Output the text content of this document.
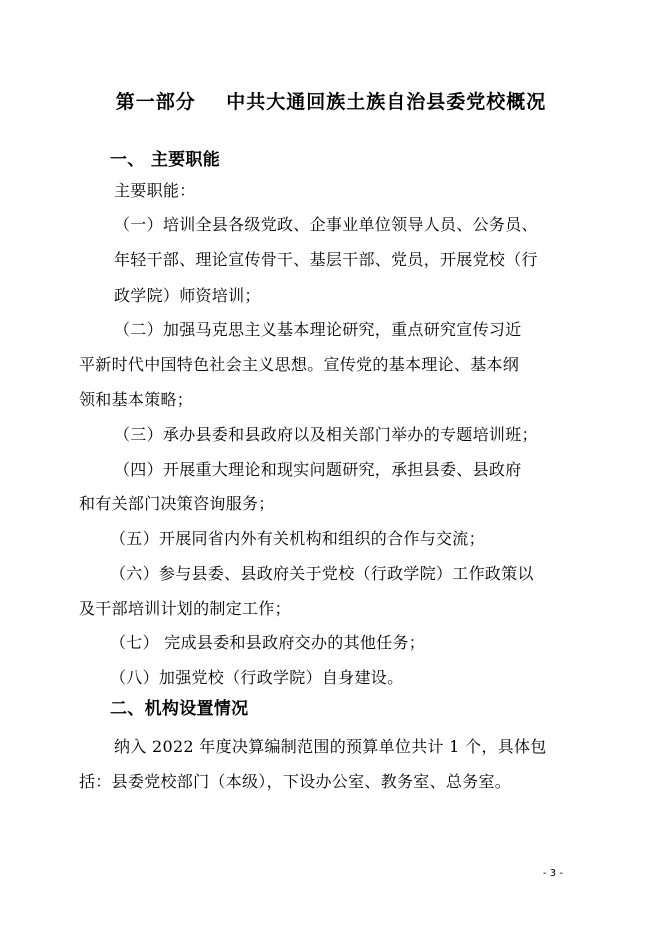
第一部分    中共大通回族土族自治县委党校概况
一、 主要职能
主要职能：
（一）培训全县各级党政、企事业单位领导人员、公务员、
年轻干部、理论宣传骨干、基层干部、党员，开展党校（行
政学院）师资培训；
（二）加强马克思主义基本理论研究，重点研究宣传习近
平新时代中国特色社会主义思想。宣传党的基本理论、基本纲
领和基本策略；
（三）承办县委和县政府以及相关部门举办的专题培训班；
（四）开展重大理论和现实问题研究，承担县委、县政府
和有关部门决策咨询服务；
（五）开展同省内外有关机构和组织的合作与交流；
（六）参与县委、县政府关于党校（行政学院）工作政策以
及干部培训计划的制定工作；
（七） 完成县委和县政府交办的其他任务；
（八）加强党校（行政学院）自身建设。
二、机构设置情况
纳入 2022 年度决算编制范围的预算单位共计 1 个，具体包
括：县委党校部门（本级），下设办公室、教务室、总务室。
- 3 -
